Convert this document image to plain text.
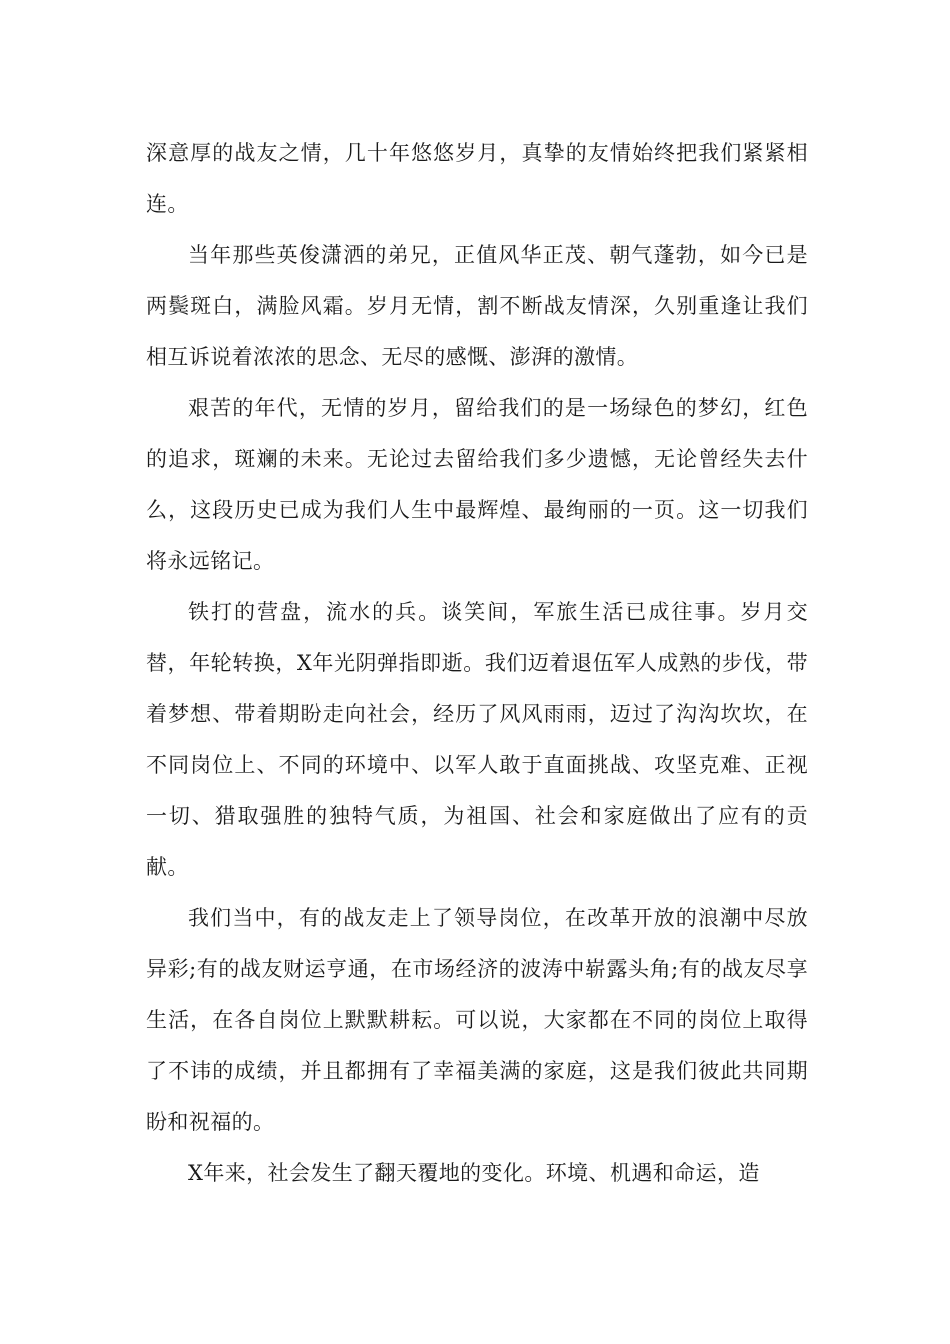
深意厚的战友之情，几十年悠悠岁月，真挚的友情始终把我们紧紧相连。

当年那些英俊潇洒的弟兄，正值风华正茂、朝气蓬勃，如今已是两鬓斑白，满脸风霜。岁月无情，割不断战友情深，久别重逢让我们相互诉说着浓浓的思念、无尽的感慨、澎湃的激情。

艰苦的年代，无情的岁月，留给我们的是一场绿色的梦幻，红色的追求，斑斓的未来。无论过去留给我们多少遗憾，无论曾经失去什么，这段历史已成为我们人生中最辉煌、最绚丽的一页。这一切我们将永远铭记。

铁打的营盘，流水的兵。谈笑间，军旅生活已成往事。岁月交替，年轮转换，X年光阴弹指即逝。我们迈着退伍军人成熟的步伐，带着梦想、带着期盼走向社会，经历了风风雨雨，迈过了沟沟坎坎，在不同岗位上、不同的环境中、以军人敢于直面挑战、攻坚克难、正视一切、猎取强胜的独特气质，为祖国、社会和家庭做出了应有的贡献。

我们当中，有的战友走上了领导岗位，在改革开放的浪潮中尽放异彩;有的战友财运亨通，在市场经济的波涛中崭露头角;有的战友尽享生活，在各自岗位上默默耕耘。可以说，大家都在不同的岗位上取得了不讳的成绩，并且都拥有了幸福美满的家庭，这是我们彼此共同期盼和祝福的。

X年来，社会发生了翻天覆地的变化。环境、机遇和命运，造
